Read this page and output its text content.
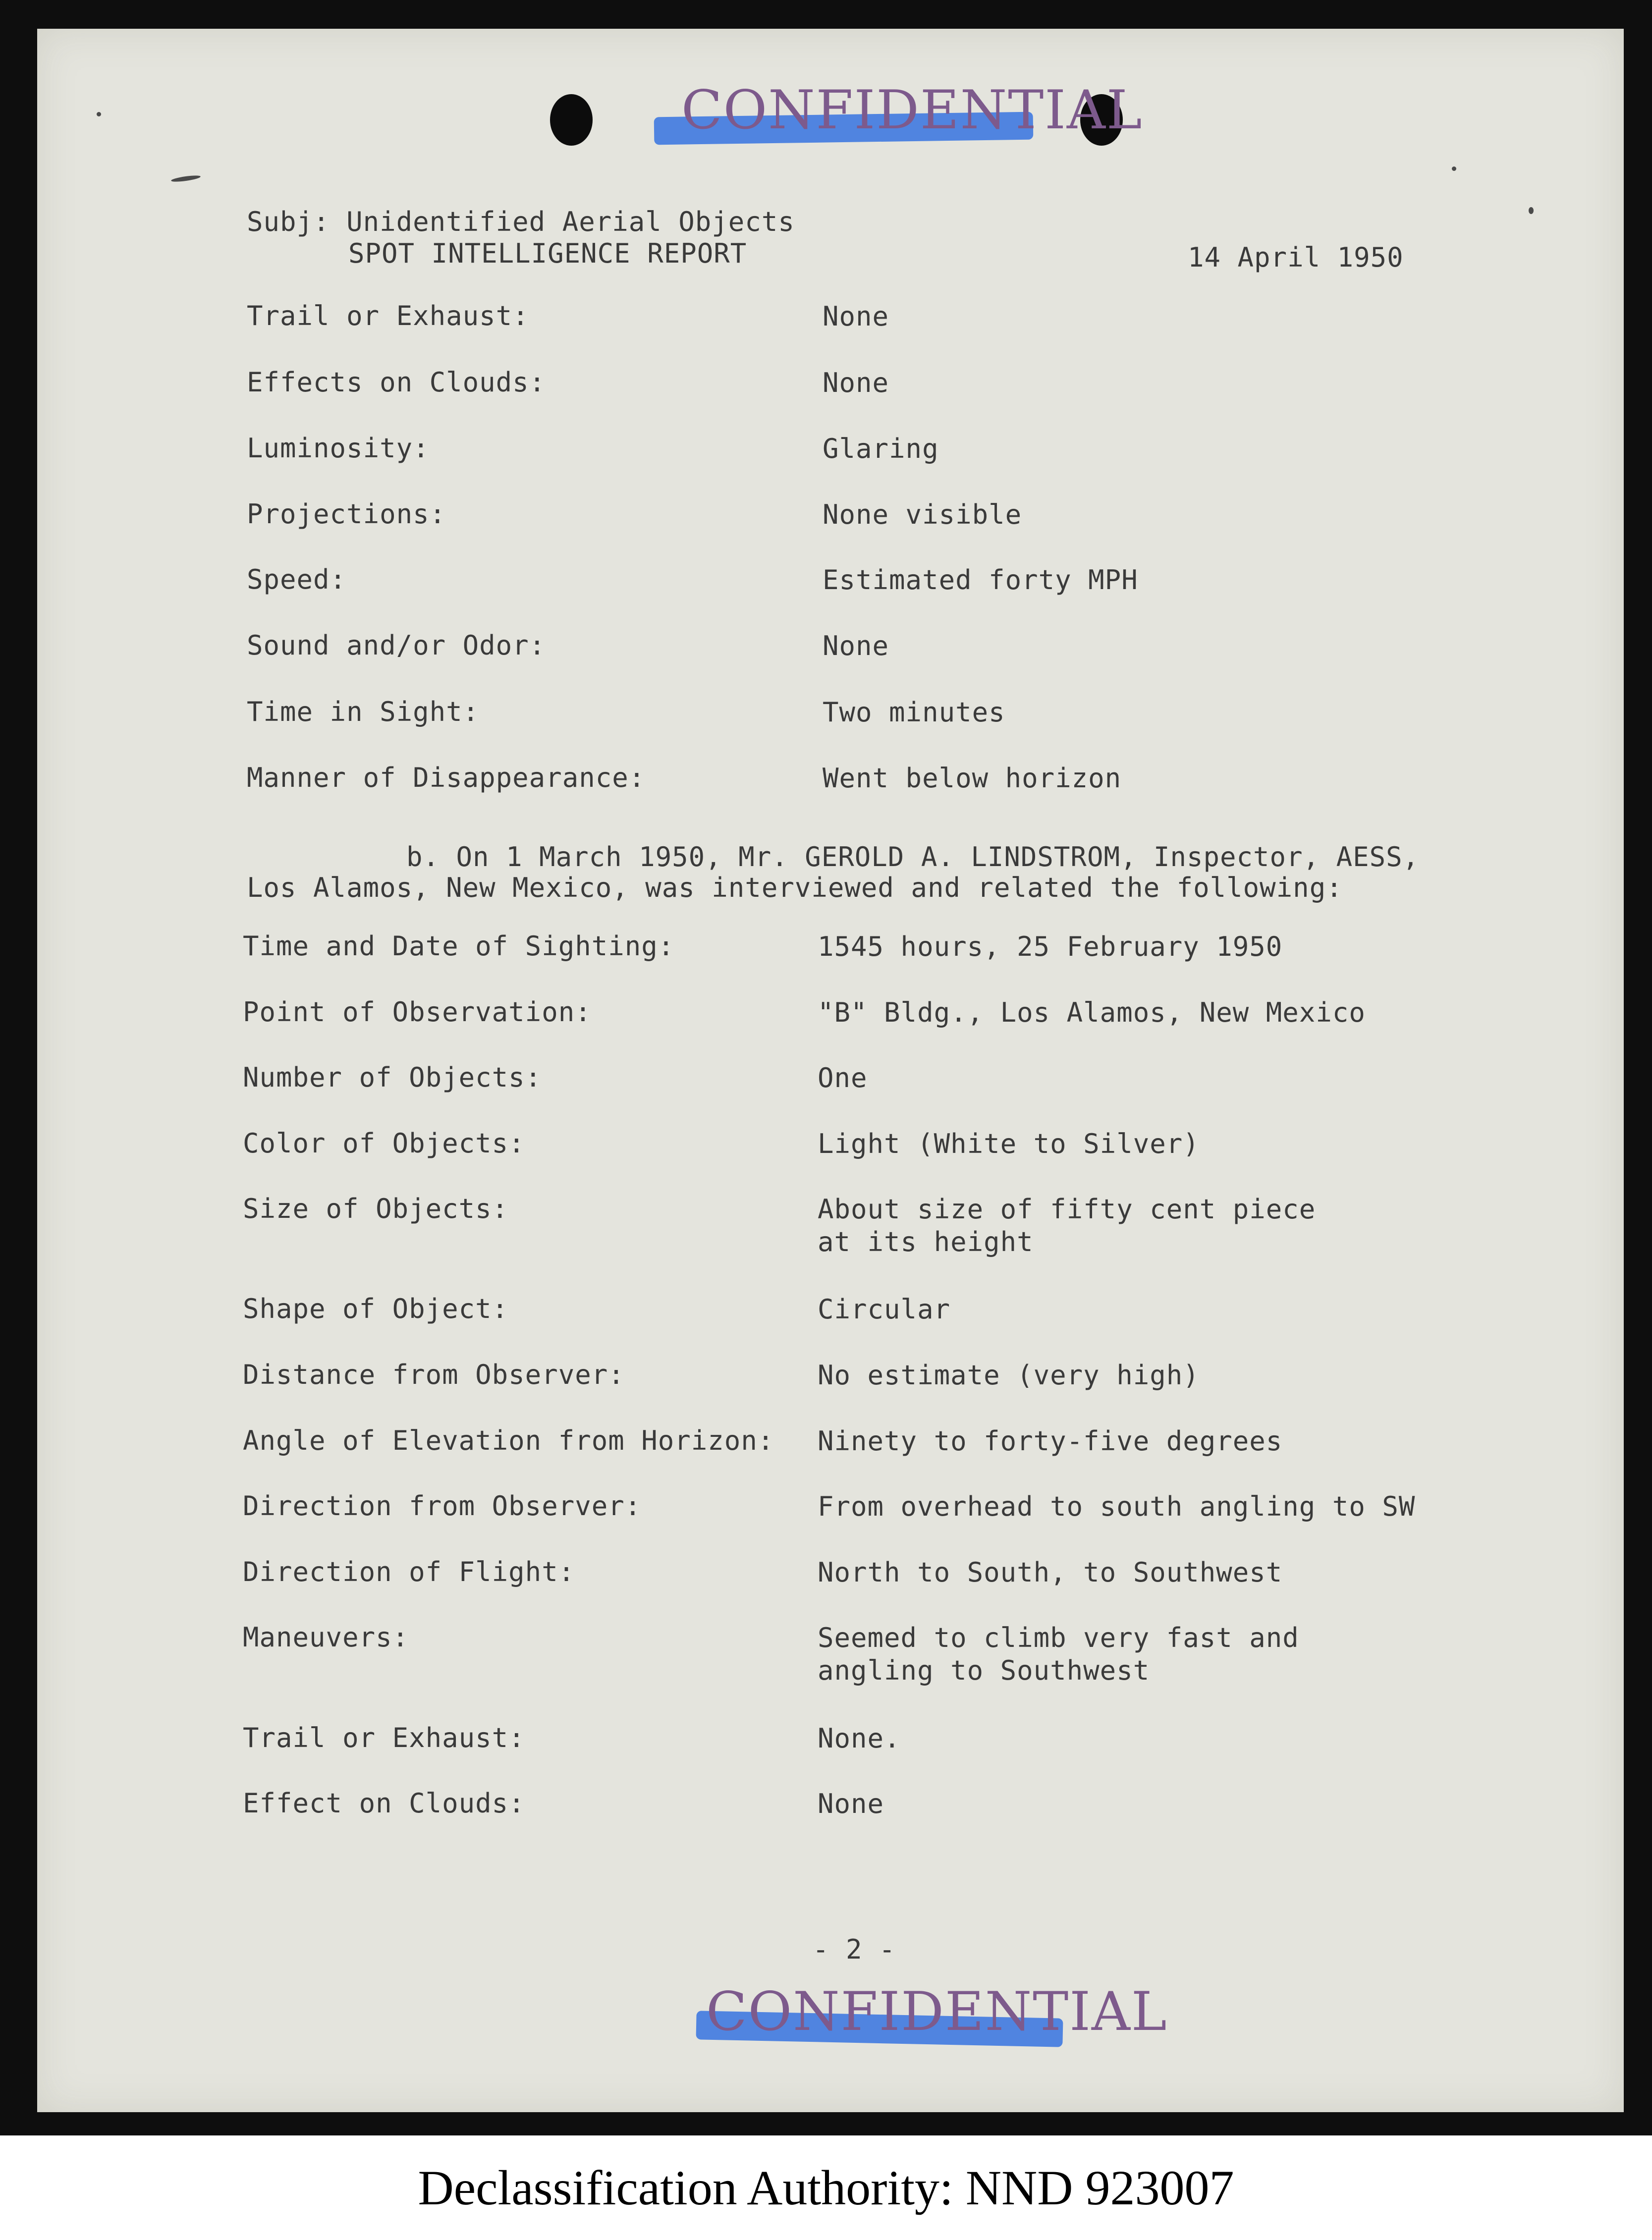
CONFIDENTIAL
Subj: Unidentified Aerial Objects
SPOT INTELLIGENCE REPORT	14 April 1950
Trail or Exhaust:	None
Effects on Clouds:	None
Luminosity:	Glaring
Projections:	None visible
Speed:	Estimated forty MPH
Sound and/or Odor:	None
Time in Sight:	Two minutes
Manner of Disappearance:	Went below horizon
b. On 1 March 1950, Mr. GEROLD A. LINDSTROM, Inspector, AESS,
Los Alamos, New Mexico, was interviewed and related the following:
Time and Date of Sighting:	1545 hours, 25 February 1950
Point of Observation:	"B" Bldg., Los Alamos, New Mexico
Number of Objects:	One
Color of Objects:	Light (White to Silver)
Size of Objects:	About size of fifty cent piece
at its height
Shape of Object:	Circular
Distance from Observer:	No estimate (very high)
Angle of Elevation from Horizon: Ninety to forty-five degrees
Direction from Observer:	From overhead to south angling to SW
Direction of Flight:	North to South, to Southwest
Maneuvers:	Seemed to climb very fast and
angling to Southwest
Trail or Exhaust:	None.
Effect on Clouds:	None
- 2 -
CONFIDENTIAL
Declassification Authority: NND 923007
